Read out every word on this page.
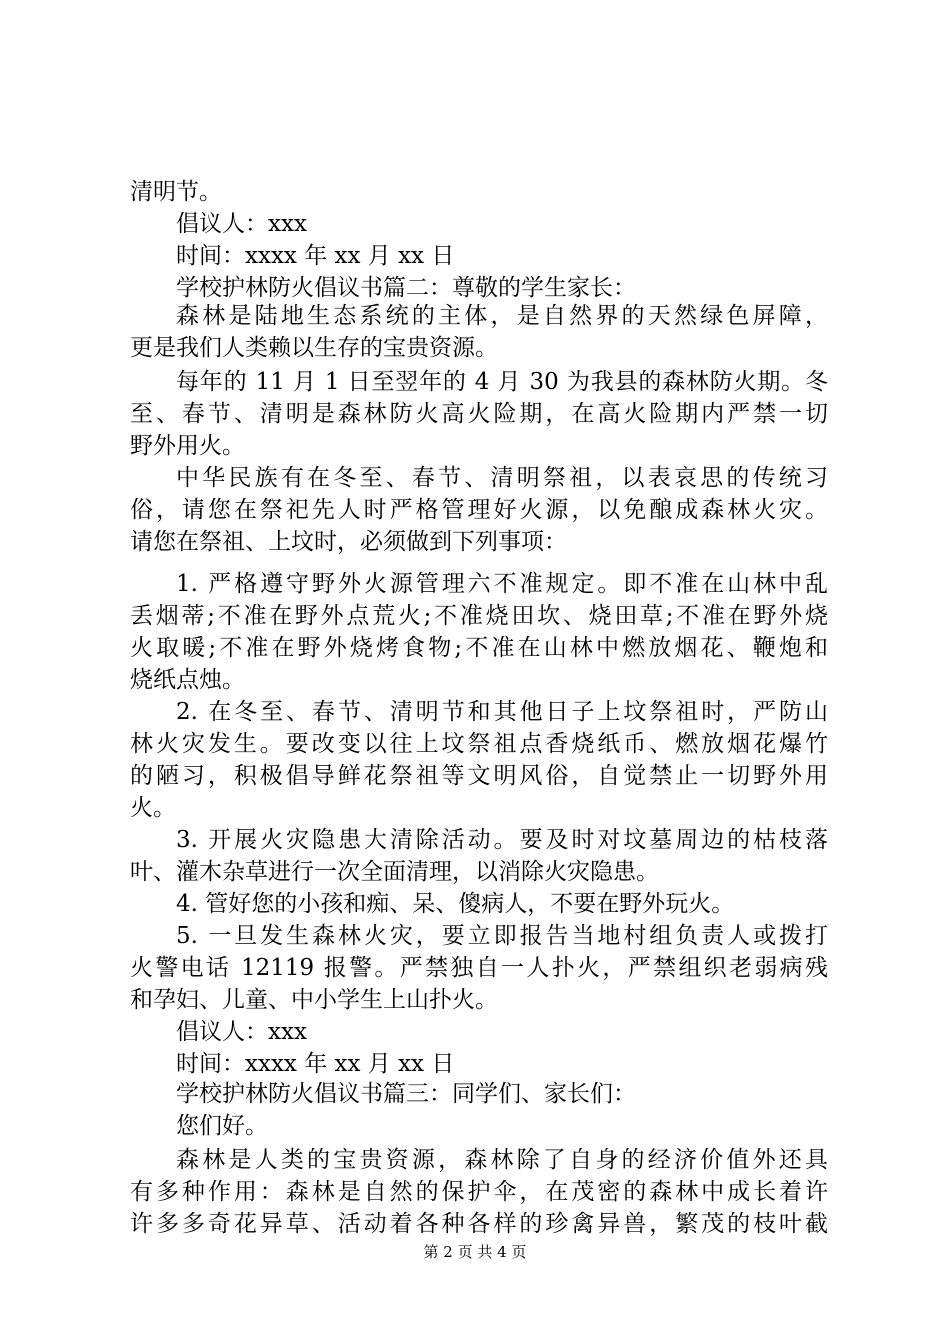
清明节。
倡议人：xxx
时间：xxxx 年 xx 月 xx 日
学校护林防火倡议书篇二：尊敬的学生家长：
森林是陆地生态系统的主体，是自然界的天然绿色屏障，
更是我们人类赖以生存的宝贵资源。
每年的 11 月 1 日至翌年的 4 月 30 为我县的森林防火期。冬
至、春节、清明是森林防火高火险期，在高火险期内严禁一切
野外用火。
中华民族有在冬至、春节、清明祭祖，以表哀思的传统习
俗，请您在祭祀先人时严格管理好火源，以免酿成森林火灾。
请您在祭祖、上坟时，必须做到下列事项：
1. 严格遵守野外火源管理六不准规定。即不准在山林中乱
丢烟蒂;不准在野外点荒火;不准烧田坎、烧田草;不准在野外烧
火取暖;不准在野外烧烤食物;不准在山林中燃放烟花、鞭炮和
烧纸点烛。
2. 在冬至、春节、清明节和其他日子上坟祭祖时，严防山
林火灾发生。要改变以往上坟祭祖点香烧纸币、燃放烟花爆竹
的陋习，积极倡导鲜花祭祖等文明风俗，自觉禁止一切野外用
火。
3. 开展火灾隐患大清除活动。要及时对坟墓周边的枯枝落
叶、灌木杂草进行一次全面清理，以消除火灾隐患。
4. 管好您的小孩和痴、呆、傻病人，不要在野外玩火。
5. 一旦发生森林火灾，要立即报告当地村组负责人或拨打
火警电话 12119 报警。严禁独自一人扑火，严禁组织老弱病残
和孕妇、儿童、中小学生上山扑火。
倡议人：xxx
时间：xxxx 年 xx 月 xx 日
学校护林防火倡议书篇三：同学们、家长们：
您们好。
森林是人类的宝贵资源，森林除了自身的经济价值外还具
有多种作用：森林是自然的保护伞，在茂密的森林中成长着许
许多多奇花异草、活动着各种各样的珍禽异兽，繁茂的枝叶截
第 2 页 共 4 页
